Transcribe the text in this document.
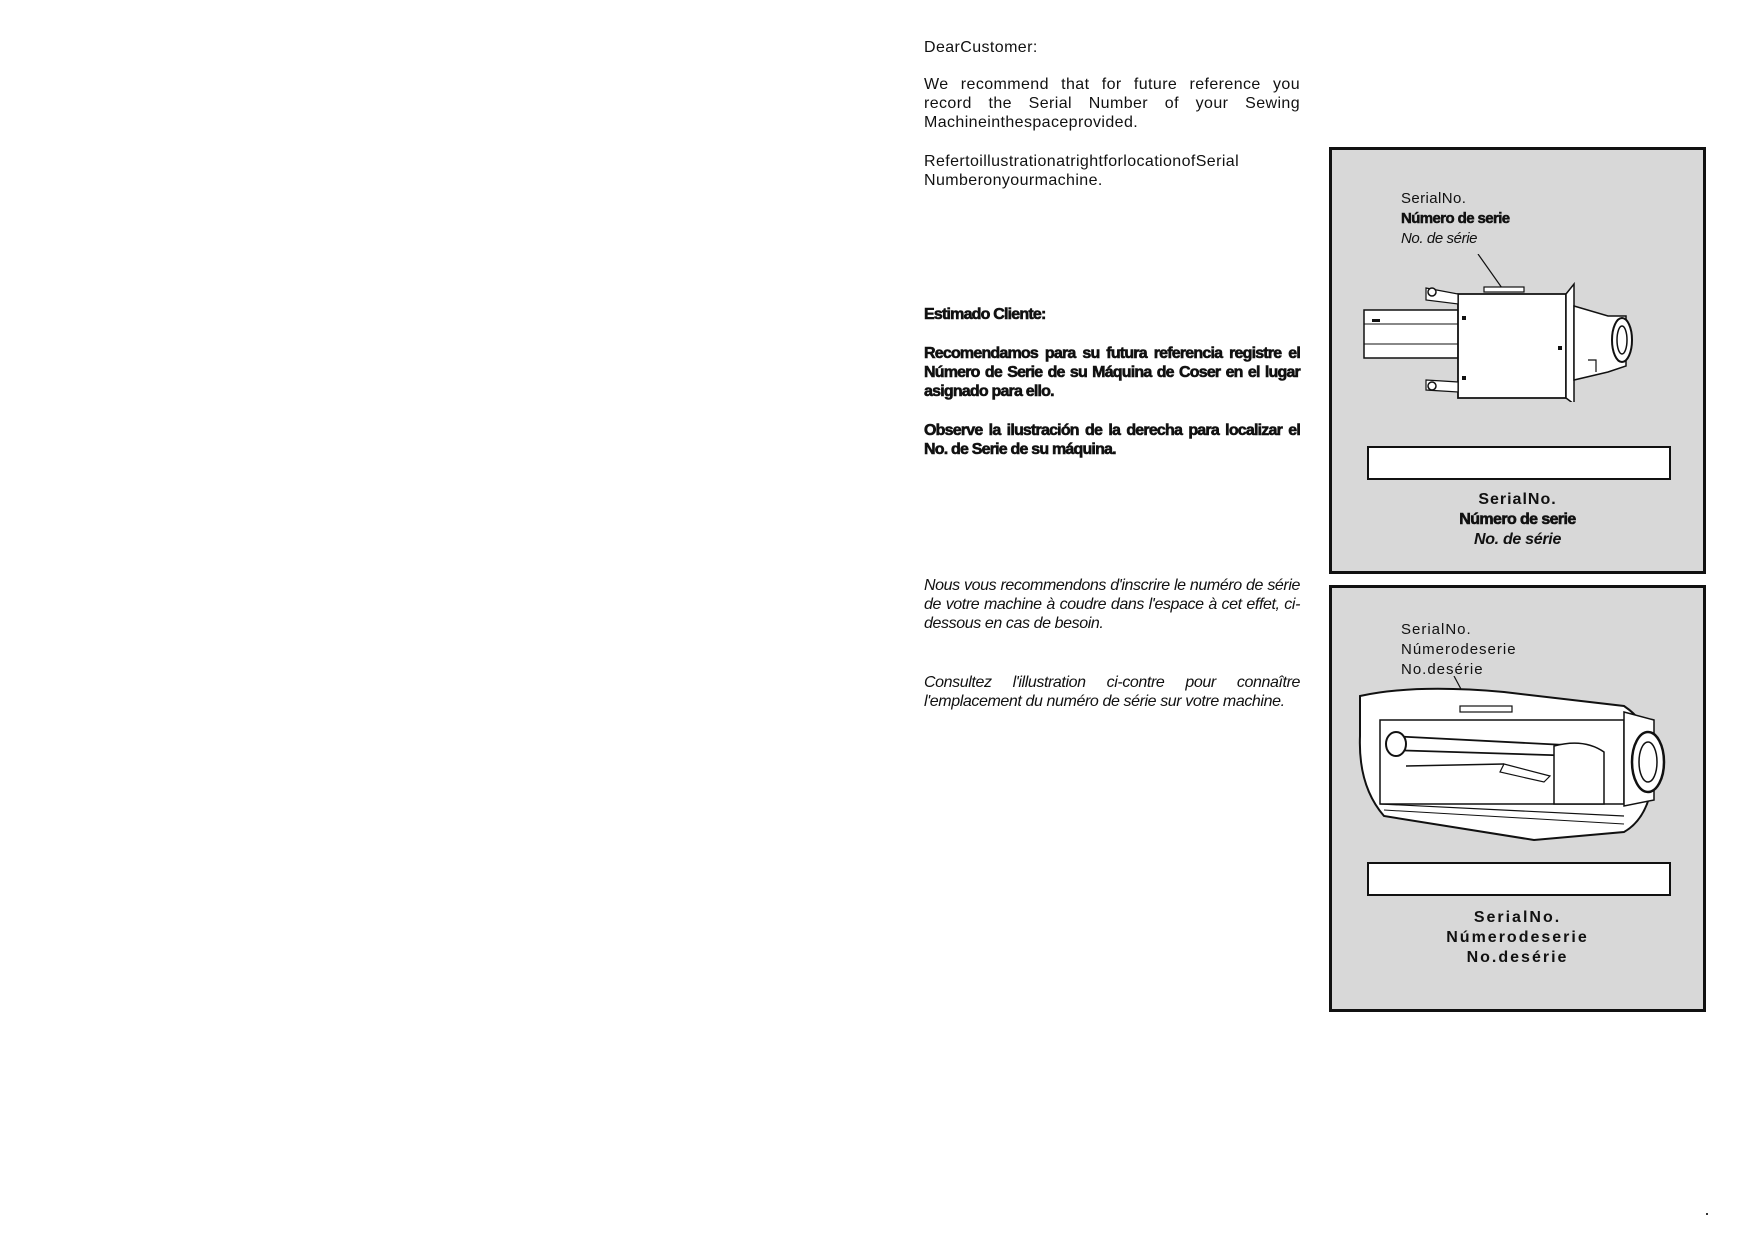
DearCustomer:

We recommend that for future reference you record the Serial Number of your Sewing Machineinthespaceprovided.

RefertoillustrationatrightforlocationofSerial Numberonyourmachine.

Estimado Cliente:

Recomendamos para su futura referencia registre el Número de Serie de su Máquina de Coser en el lugar asignado para ello.

Observe la ilustración de la derecha para localizar el No. de Serie de su máquina.

Nous vous recommendons d'inscrire le numéro de série de votre machine à coudre dans l'espace à cet effet, ci-dessous en cas de besoin.

Consultez l'illustration ci-contre pour connaître l'emplacement du numéro de série sur votre machine.

SerialNo.
Número de serie
No. de série
SerialNo.
Número de serie
No. de série
SerialNo.
Númerodeserie
No.desérie
SerialNo.
Númerodeserie
No.desérie
